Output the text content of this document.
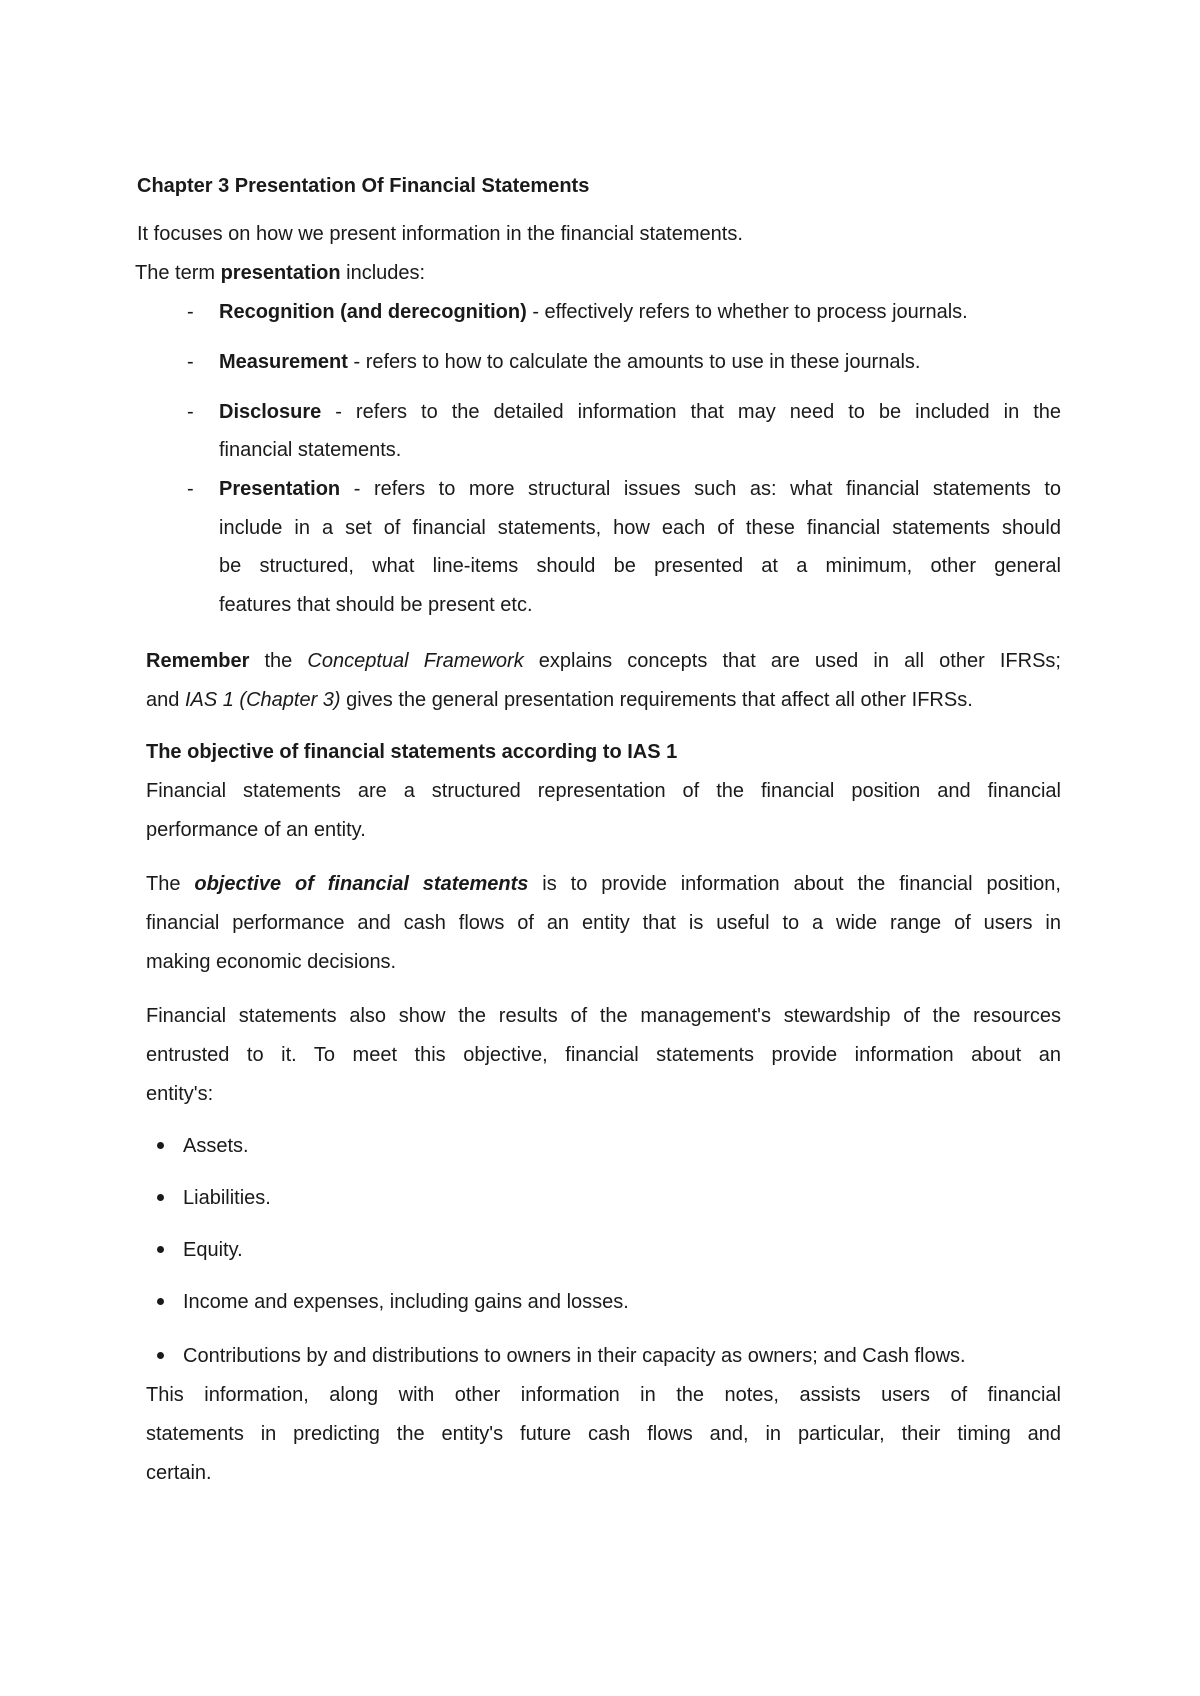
Chapter 3 Presentation Of Financial Statements
It focuses on how we present information in the financial statements.
The term presentation includes:
- Recognition (and derecognition) - effectively refers to whether to process journals.
- Measurement - refers to how to calculate the amounts to use in these journals.
- Disclosure - refers to the detailed information that may need to be included in the
financial statements.
- Presentation - refers to more structural issues such as: what financial statements to
include in a set of financial statements, how each of these financial statements should
be structured, what line-items should be presented at a minimum, other general
features that should be present etc.
Remember the Conceptual Framework explains concepts that are used in all other IFRSs;
and IAS 1 (Chapter 3) gives the general presentation requirements that affect all other IFRSs.
The objective of financial statements according to IAS 1
Financial statements are a structured representation of the financial position and financial
performance of an entity.
The objective of financial statements is to provide information about the financial position,
financial performance and cash flows of an entity that is useful to a wide range of users in
making economic decisions.
Financial statements also show the results of the management's stewardship of the resources
entrusted to it. To meet this objective, financial statements provide information about an
entity's:
Assets.
Liabilities.
Equity.
Income and expenses, including gains and losses.
Contributions by and distributions to owners in their capacity as owners; and Cash flows.
This information, along with other information in the notes, assists users of financial
statements in predicting the entity's future cash flows and, in particular, their timing and
certain.
